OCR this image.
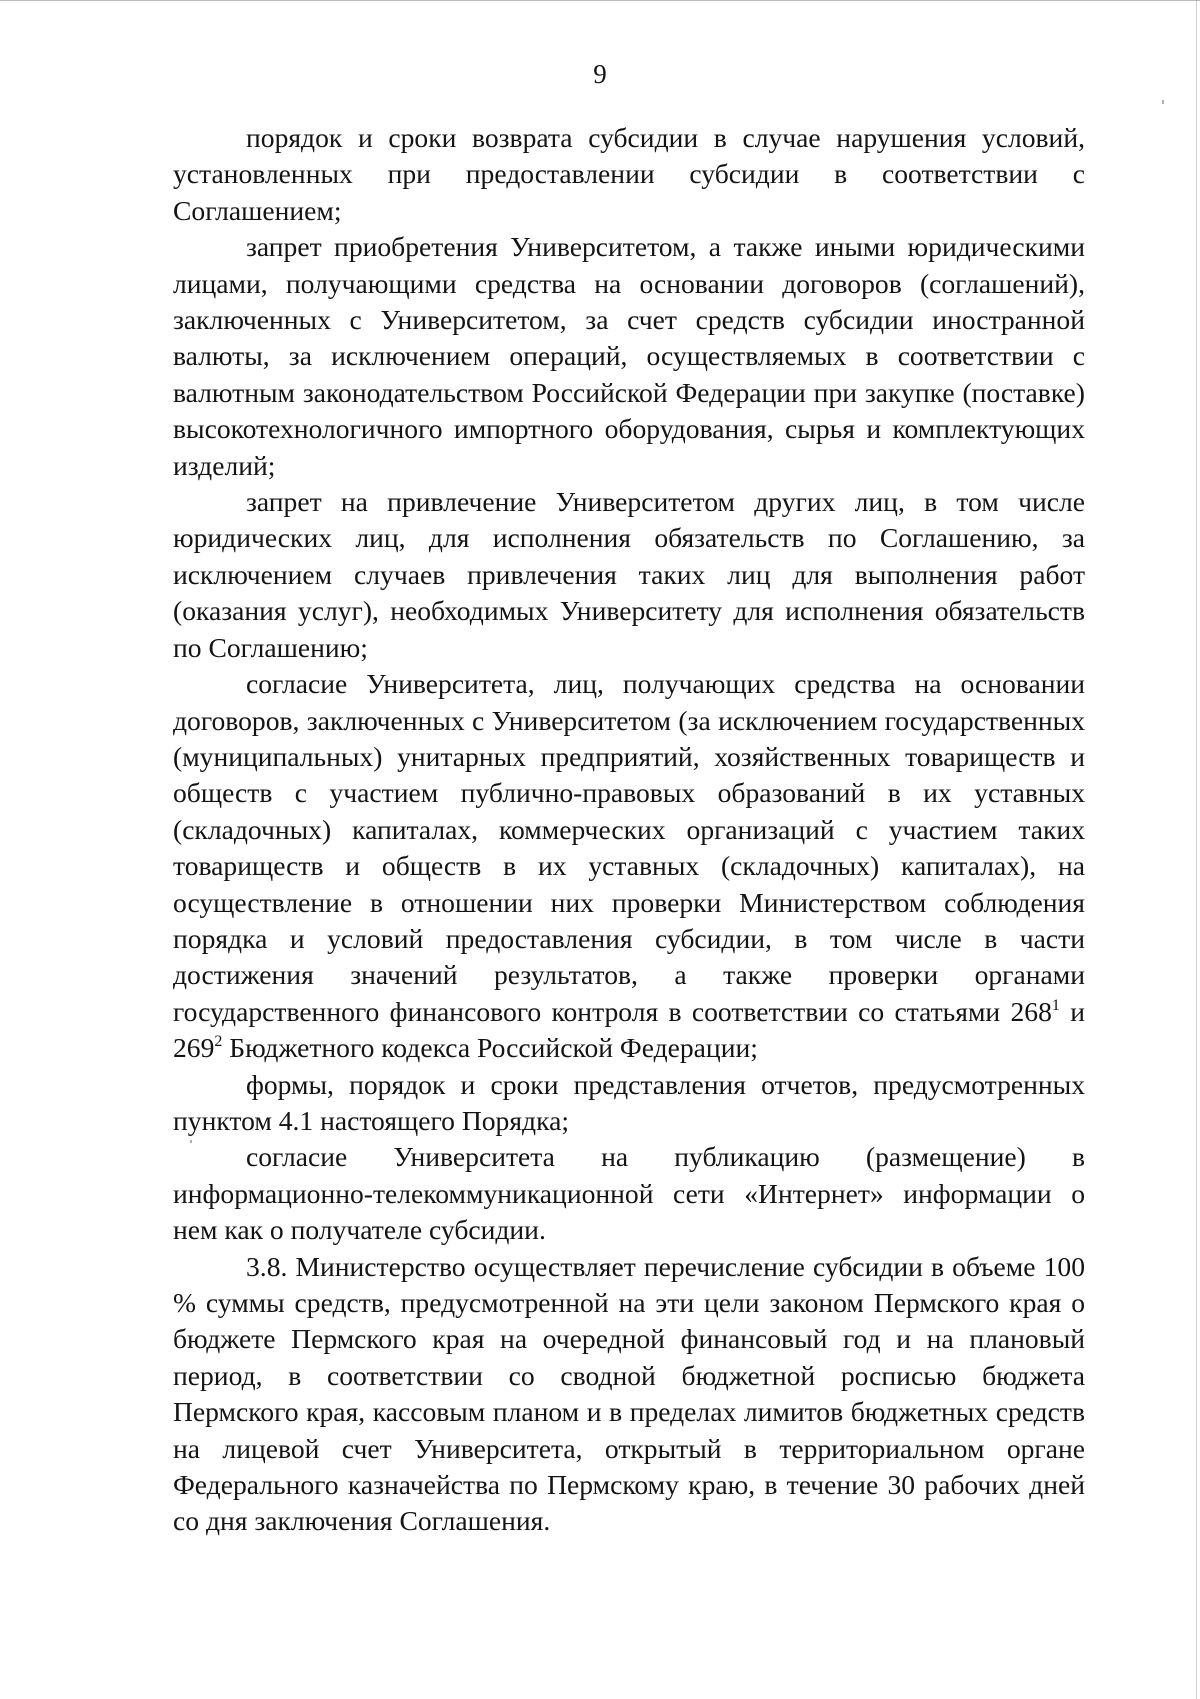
9

порядок и сроки возврата субсидии в случае нарушения условий, установленных при предоставлении субсидии в соответствии с Соглашением;

запрет приобретения Университетом, а также иными юридическими лицами, получающими средства на основании договоров (соглашений), заключенных с Университетом, за счет средств субсидии иностранной валюты, за исключением операций, осуществляемых в соответствии с валютным законодательством Российской Федерации при закупке (поставке) высокотехнологичного импортного оборудования, сырья и комплектующих изделий;

запрет на привлечение Университетом других лиц, в том числе юридических лиц, для исполнения обязательств по Соглашению, за исключением случаев привлечения таких лиц для выполнения работ (оказания услуг), необходимых Университету для исполнения обязательств по Соглашению;

согласие Университета, лиц, получающих средства на основании договоров, заключенных с Университетом (за исключением государственных (муниципальных) унитарных предприятий, хозяйственных товариществ и обществ с участием публично-правовых образований в их уставных (складочных) капиталах, коммерческих организаций с участием таких товариществ и обществ в их уставных (складочных) капиталах), на осуществление в отношении них проверки Министерством соблюдения порядка и условий предоставления субсидии, в том числе в части достижения значений результатов, а также проверки органами государственного финансового контроля в соответствии со статьями $268^1$ и $269^2$ Бюджетного кодекса Российской Федерации;

формы, порядок и сроки представления отчетов, предусмотренных пунктом 4.1 настоящего Порядка;

согласие Университета на публикацию (размещение) в информационно-телекоммуникационной сети «Интернет» информации о нем как о получателе субсидии.

3.8. Министерство осуществляет перечисление субсидии в объеме 100 % суммы средств, предусмотренной на эти цели законом Пермского края о бюджете Пермского края на очередной финансовый год и на плановый период, в соответствии со сводной бюджетной росписью бюджета Пермского края, кассовым планом и в пределах лимитов бюджетных средств на лицевой счет Университета, открытый в территориальном органе Федерального казначейства по Пермскому краю, в течение 30 рабочих дней со дня заключения Соглашения.
